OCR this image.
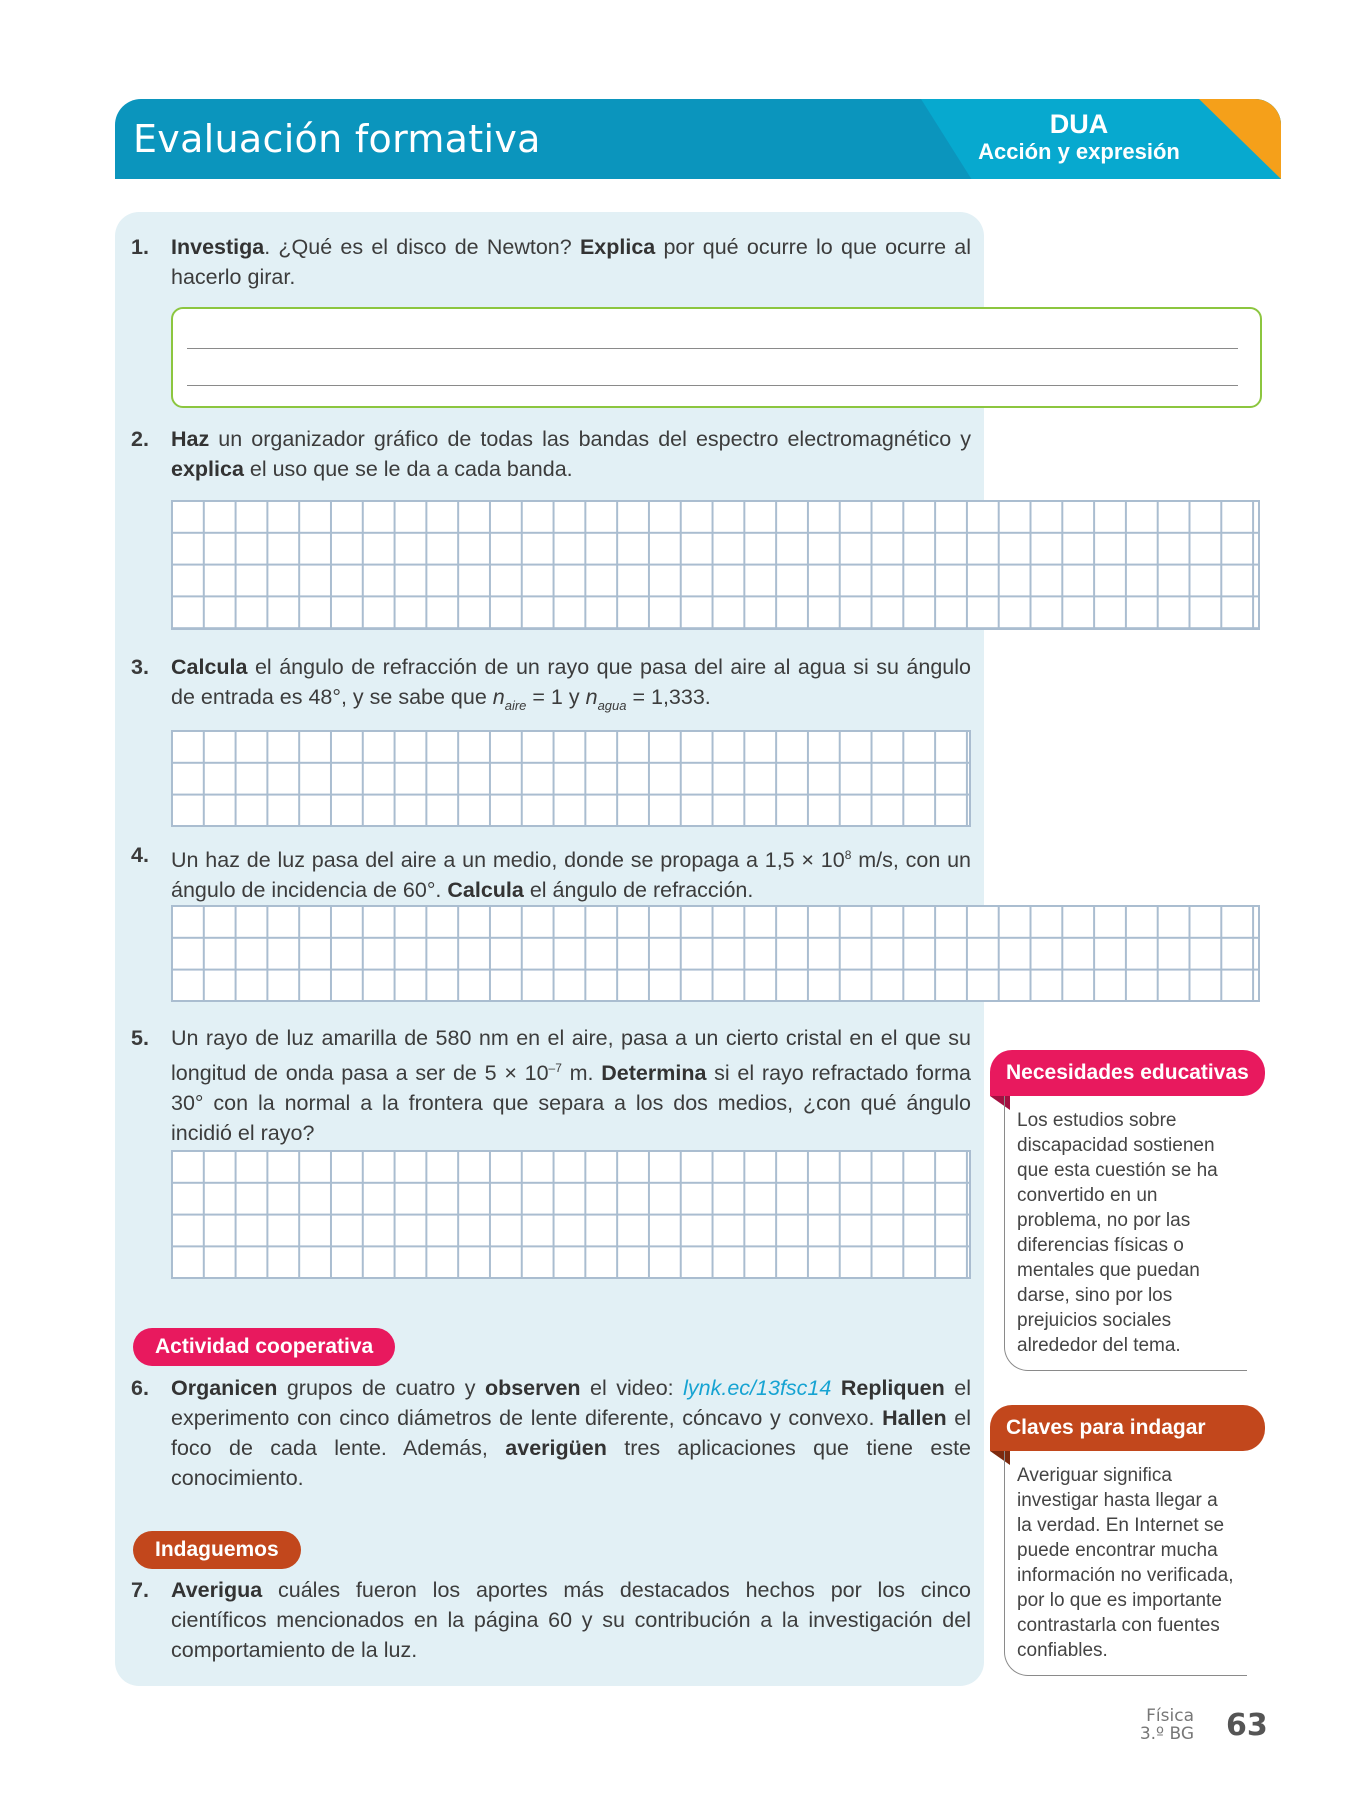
Evaluación formativa	DUA
Acción y expresión
1. Investiga. ¿Qué es el disco de Newton? Explica por qué ocurre lo que ocurre al hacerlo girar.
2. Haz un organizador gráfico de todas las bandas del espectro electromagnético y explica el uso que se le da a cada banda.
3. Calcula el ángulo de refracción de un rayo que pasa del aire al agua si su ángulo de entrada es 48°, y se sabe que $n_{aire} = 1$ y $n_{agua} = 1,333$.
4. Un haz de luz pasa del aire a un medio, donde se propaga a $1,5 \times 10^8$ m/s, con un ángulo de incidencia de 60°. Calcula el ángulo de refracción.
5. Un rayo de luz amarilla de 580 nm en el aire, pasa a un cierto cristal en el que su longitud de onda pasa a ser de $5 \times 10^{-7}$ m. Determina si el rayo refractado forma 30° con la normal a la frontera que separa a los dos medios, ¿con qué ángulo incidió el rayo?
Actividad cooperativa
6. Organicen grupos de cuatro y observen el video: lynk.ec/13fsc14 Repliquen el experimento con cinco diámetros de lente diferente, cóncavo y convexo. Hallen el foco de cada lente. Además, averigüen tres aplicaciones que tiene este conocimiento.
Indaguemos
7. Averigua cuáles fueron los aportes más destacados hechos por los cinco científicos mencionados en la página 60 y su contribución a la investigación del comportamiento de la luz.
Necesidades educativas
Los estudios sobre discapacidad sostienen que esta cuestión se ha convertido en un problema, no por las diferencias físicas o mentales que puedan darse, sino por los prejuicios sociales alrededor del tema.
Claves para indagar
Averiguar significa investigar hasta llegar a la verdad. En Internet se puede encontrar mucha información no verificada, por lo que es importante contrastarla con fuentes confiables.
Física
3.º BG 63
